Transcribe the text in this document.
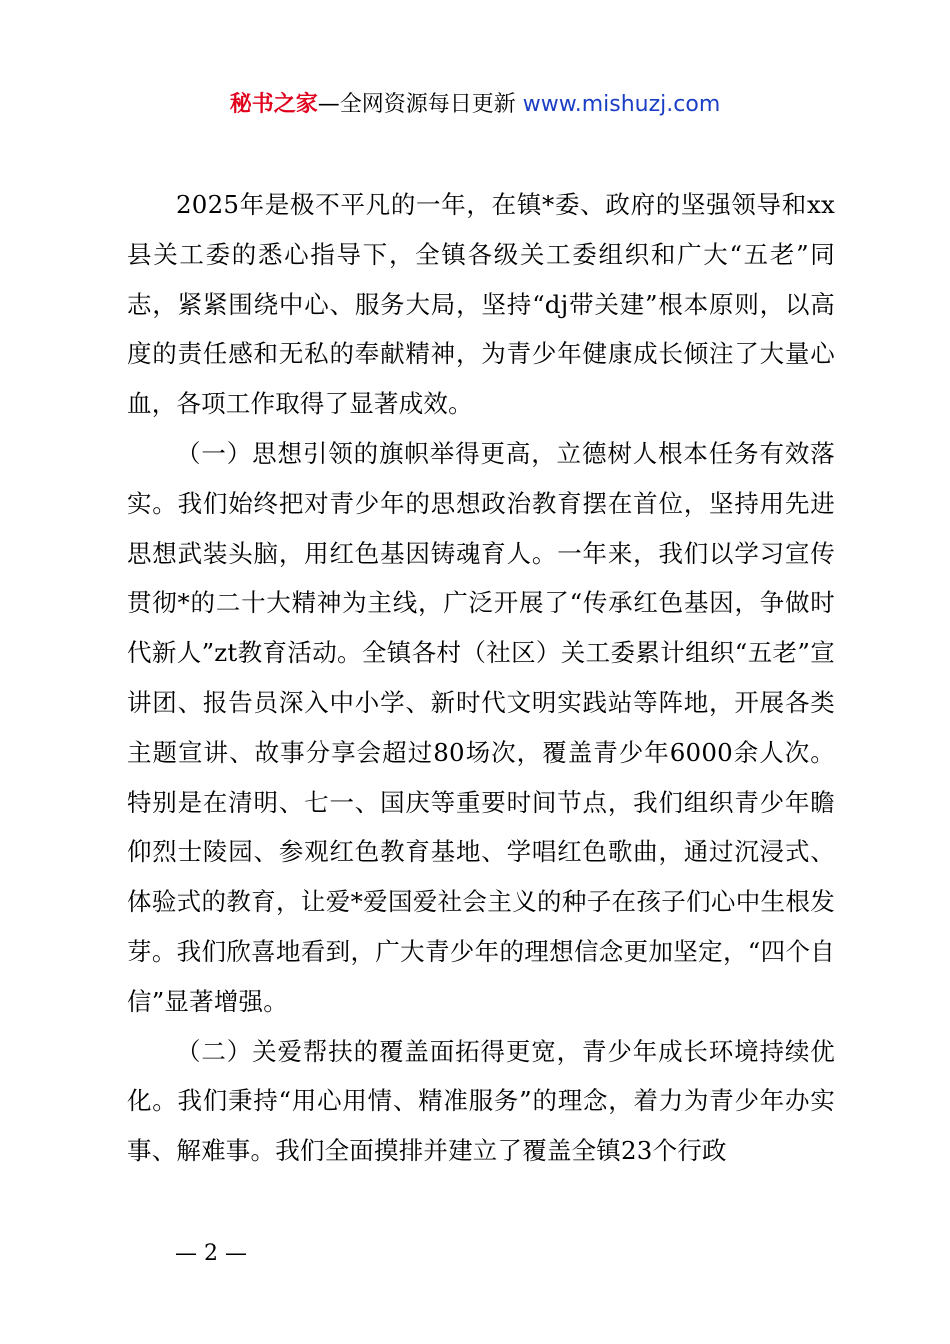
秘书之家—全网资源每日更新 www.mishuzj.com

2025年是极不平凡的一年，在镇*委、政府的坚强领导和xx县关工委的悉心指导下，全镇各级关工委组织和广大“五老”同志，紧紧围绕中心、服务大局，坚持“dj带关建”根本原则，以高度的责任感和无私的奉献精神，为青少年健康成长倾注了大量心血，各项工作取得了显著成效。

（一）思想引领的旗帜举得更高，立德树人根本任务有效落实。我们始终把对青少年的思想政治教育摆在首位，坚持用先进思想武装头脑，用红色基因铸魂育人。一年来，我们以学习宣传贯彻*的二十大精神为主线，广泛开展了“传承红色基因，争做时代新人”zt教育活动。全镇各村（社区）关工委累计组织“五老”宣讲团、报告员深入中小学、新时代文明实践站等阵地，开展各类主题宣讲、故事分享会超过80场次，覆盖青少年6000余人次。特别是在清明、七一、国庆等重要时间节点，我们组织青少年瞻仰烈士陵园、参观红色教育基地、学唱红色歌曲，通过沉浸式、体验式的教育，让爱*爱国爱社会主义的种子在孩子们心中生根发芽。我们欣喜地看到，广大青少年的理想信念更加坚定，“四个自信”显著增强。

（二）关爱帮扶的覆盖面拓得更宽，青少年成长环境持续优化。我们秉持“用心用情、精准服务”的理念，着力为青少年办实事、解难事。我们全面摸排并建立了覆盖全镇23个行政

— 2 —
